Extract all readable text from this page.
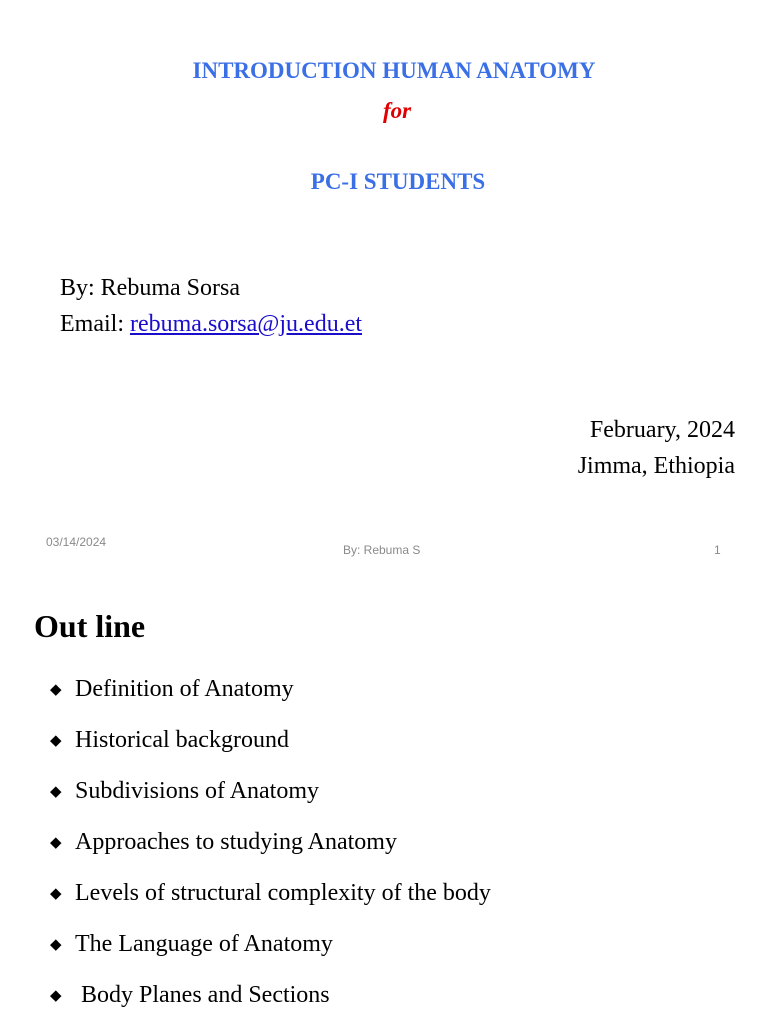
INTRODUCTION HUMAN ANATOMY
for
PC-I STUDENTS
By: Rebuma Sorsa
Email: rebuma.sorsa@ju.edu.et
February, 2024
Jimma, Ethiopia
03/14/2024
By: Rebuma S	1
Out line
◆ Definition of Anatomy
◆ Historical background
◆ Subdivisions of Anatomy
◆ Approaches to studying Anatomy
◆ Levels of structural complexity of the body
◆ The Language of Anatomy
◆ Body Planes and Sections
